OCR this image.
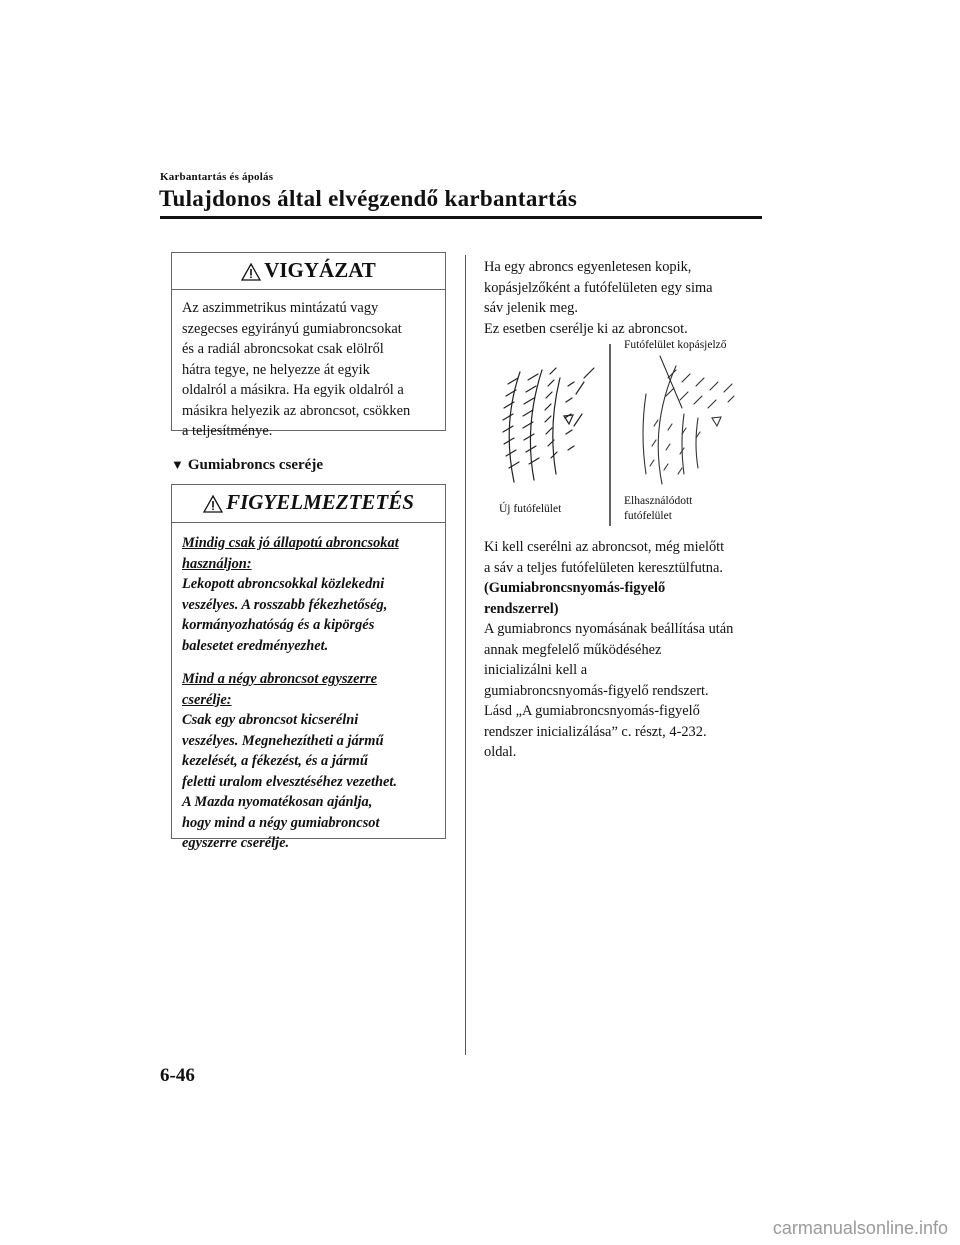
Karbantartás és ápolás
Tulajdonos által elvégzendő karbantartás
VIGYÁZAT
Az aszimmetrikus mintázatú vagy
szegecses egyirányú gumiabroncsokat
és a radiál abroncsokat csak elölről
hátra tegye, ne helyezze át egyik
oldalról a másikra. Ha egyik oldalról a
másikra helyezik az abroncsot, csökken
a teljesítménye.
▼ Gumiabroncs cseréje
FIGYELMEZTETÉS
Mindig csak jó állapotú abroncsokat
használjon:
Lekopott abroncsokkal közlekedni
veszélyes. A rosszabb fékezhetőség,
kormányozhatóság és a kipörgés
balesetet eredményezhet.
Mind a négy abroncsot egyszerre
cserélje:
Csak egy abroncsot kicserélni
veszélyes. Megnehezítheti a jármű
kezelését, a fékezést, és a jármű
feletti uralom elvesztéséhez vezethet.
A Mazda nyomatékosan ajánlja,
hogy mind a négy gumiabroncsot
egyszerre cserélje.
Ha egy abroncs egyenletesen kopik,
kopásjelzőként a futófelületen egy sima
sáv jelenik meg.
Ez esetben cserélje ki az abroncsot.
Futófelület kopásjelző
Új futófelület
Elhasználódott
futófelület
Ki kell cserélni az abroncsot, még mielőtt
a sáv a teljes futófelületen keresztülfutna.
(Gumiabroncsnyomás-figyelő
rendszerrel)
A gumiabroncs nyomásának beállítása után
annak megfelelő működéséhez
inicializálni kell a
gumiabroncsnyomás-figyelő rendszert.
Lásd „A gumiabroncsnyomás-figyelő
rendszer inicializálása” c. részt, 4-232.
oldal.
6-46
carmanualsonline.info
